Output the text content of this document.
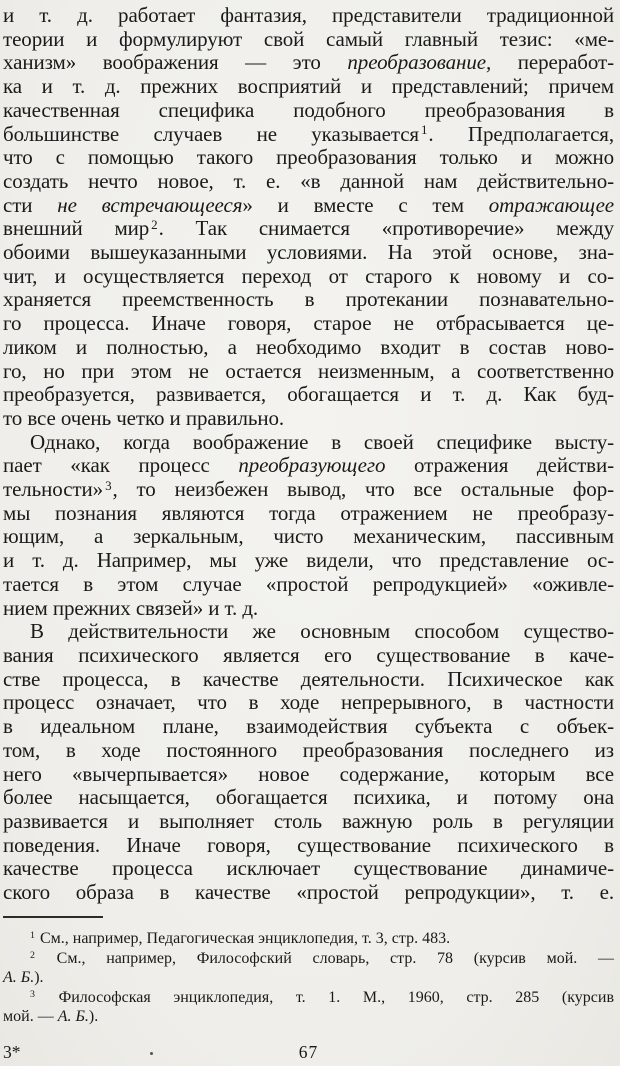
и т. д. работает фантазия, представители традиционной
теории и формулируют свой самый главный тезис: «ме-
ханизм» воображения — это преобразование, переработ-
ка и т. д. прежних восприятий и представлений; причем
качественная специфика подобного преобразования в
большинстве случаев не указывается $^1$. Предполагается,
что с помощью такого преобразования только и можно
создать нечто новое, т. е. «в данной нам действительно-
сти не встречающееся» и вместе с тем отражающее
внешний мир $^2$. Так снимается «противоречие» между
обоими вышеуказанными условиями. На этой основе, зна-
чит, и осуществляется переход от старого к новому и со-
храняется преемственность в протекании познавательно-
го процесса. Иначе говоря, старое не отбрасывается це-
ликом и полностью, а необходимо входит в состав ново-
го, но при этом не остается неизменным, а соответственно
преобразуется, развивается, обогащается и т. д. Как буд-
то все очень четко и правильно.
Однако, когда воображение в своей специфике высту-
пает «как процесс преобразующего отражения действи-
тельности» $^3$, то неизбежен вывод, что все остальные фор-
мы познания являются тогда отражением не преобразу-
ющим, а зеркальным, чисто механическим, пассивным
и т. д. Например, мы уже видели, что представление ос-
тается в этом случае «простой репродукцией» «оживле-
нием прежних связей» и т. д.
В действительности же основным способом существо-
вания психического является его существование в каче-
стве процесса, в качестве деятельности. Психическое как
процесс означает, что в ходе непрерывного, в частности
в идеальном плане, взаимодействия субъекта с объек-
том, в ходе постоянного преобразования последнего из
него «вычерпывается» новое содержание, которым все
более насыщается, обогащается психика, и потому она
развивается и выполняет столь важную роль в регуляции
поведения. Иначе говоря, существование психического в
качестве процесса исключает существование динамиче-
ского образа в качестве «простой репродукции», т. е.
$^1$ См., например, Педагогическая энциклопедия, т. 3, стр. 483.
$^2$ См., например, Философский словарь, стр. 78 (курсив мой. —
А. Б.).
$^3$ Философская энциклопедия, т. 1. М., 1960, стр. 285 (курсив
мой. — А. Б.).
3*	67
